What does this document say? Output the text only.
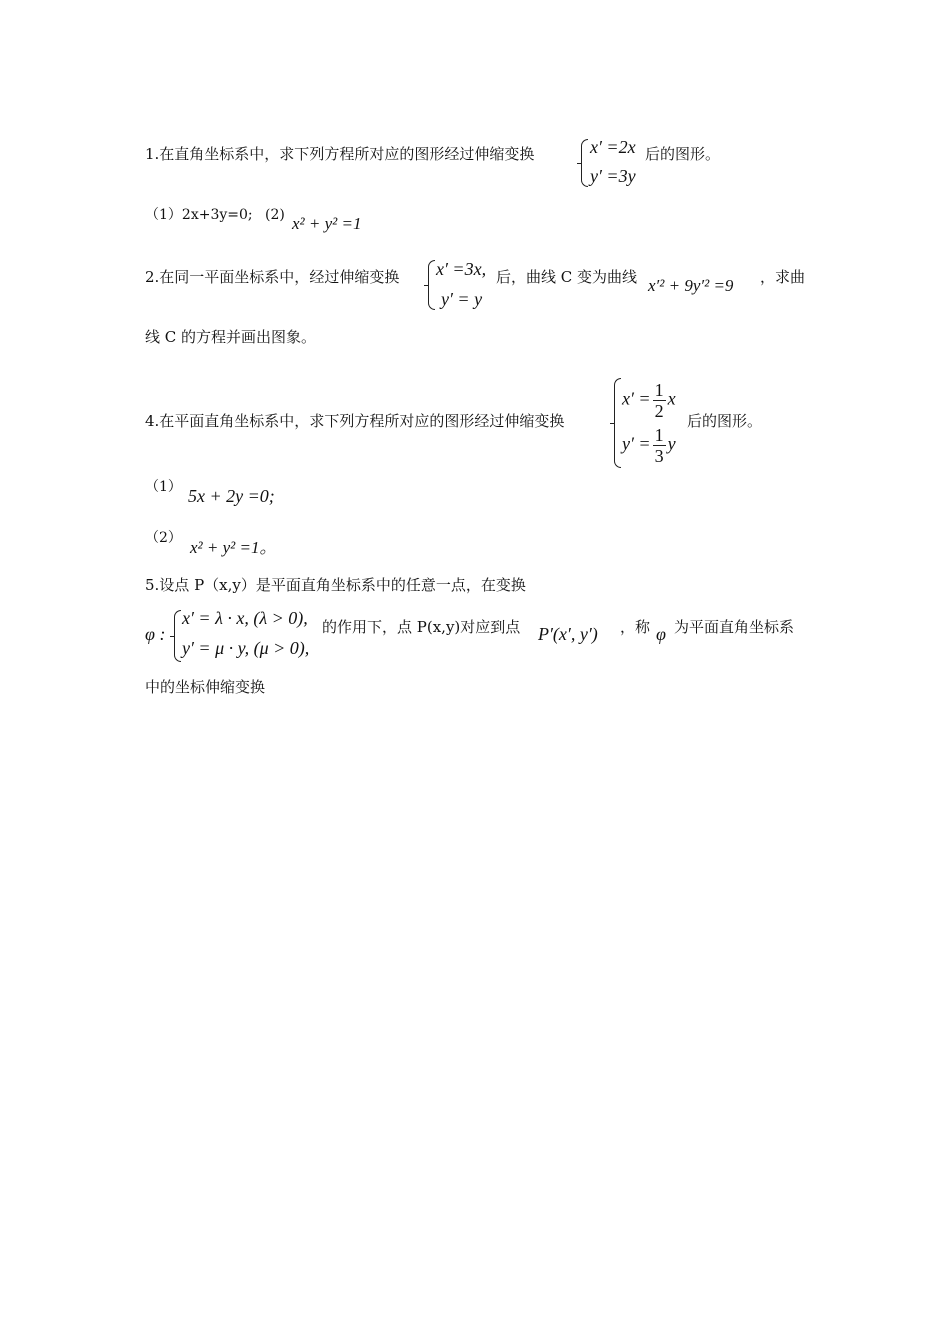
1.在直角坐标系中，求下列方程所对应的图形经过伸缩变换	x′ =2x
y′ =3y
后的图形。
（1）2x+3y=0; (2) x² + y² =1
2.在同一平面坐标系中，经过伸缩变换 x′ =3x,
y′ = y
后，曲线 C 变为曲线 x′² + 9y′² =9 ，求曲
线 C 的方程并画出图象。
4.在平面直角坐标系中，求下列方程所对应的图形经过伸缩变换
$x' = \frac{1}{2}$ x
$y' = \frac{1}{3}$ y
后的图形。
（1） 5x + 2y =0;
（2） x² + y² =1。
5.设点 P（x,y）是平面直角坐标系中的任意一点，在变换
φ :
x′ = λ · x, (λ > 0),
y′ = μ · y, (μ > 0),
的作用下，点 P(x,y)对应到点 P′(x′, y′) ，称 φ 为平面直角坐标系
中的坐标伸缩变换
